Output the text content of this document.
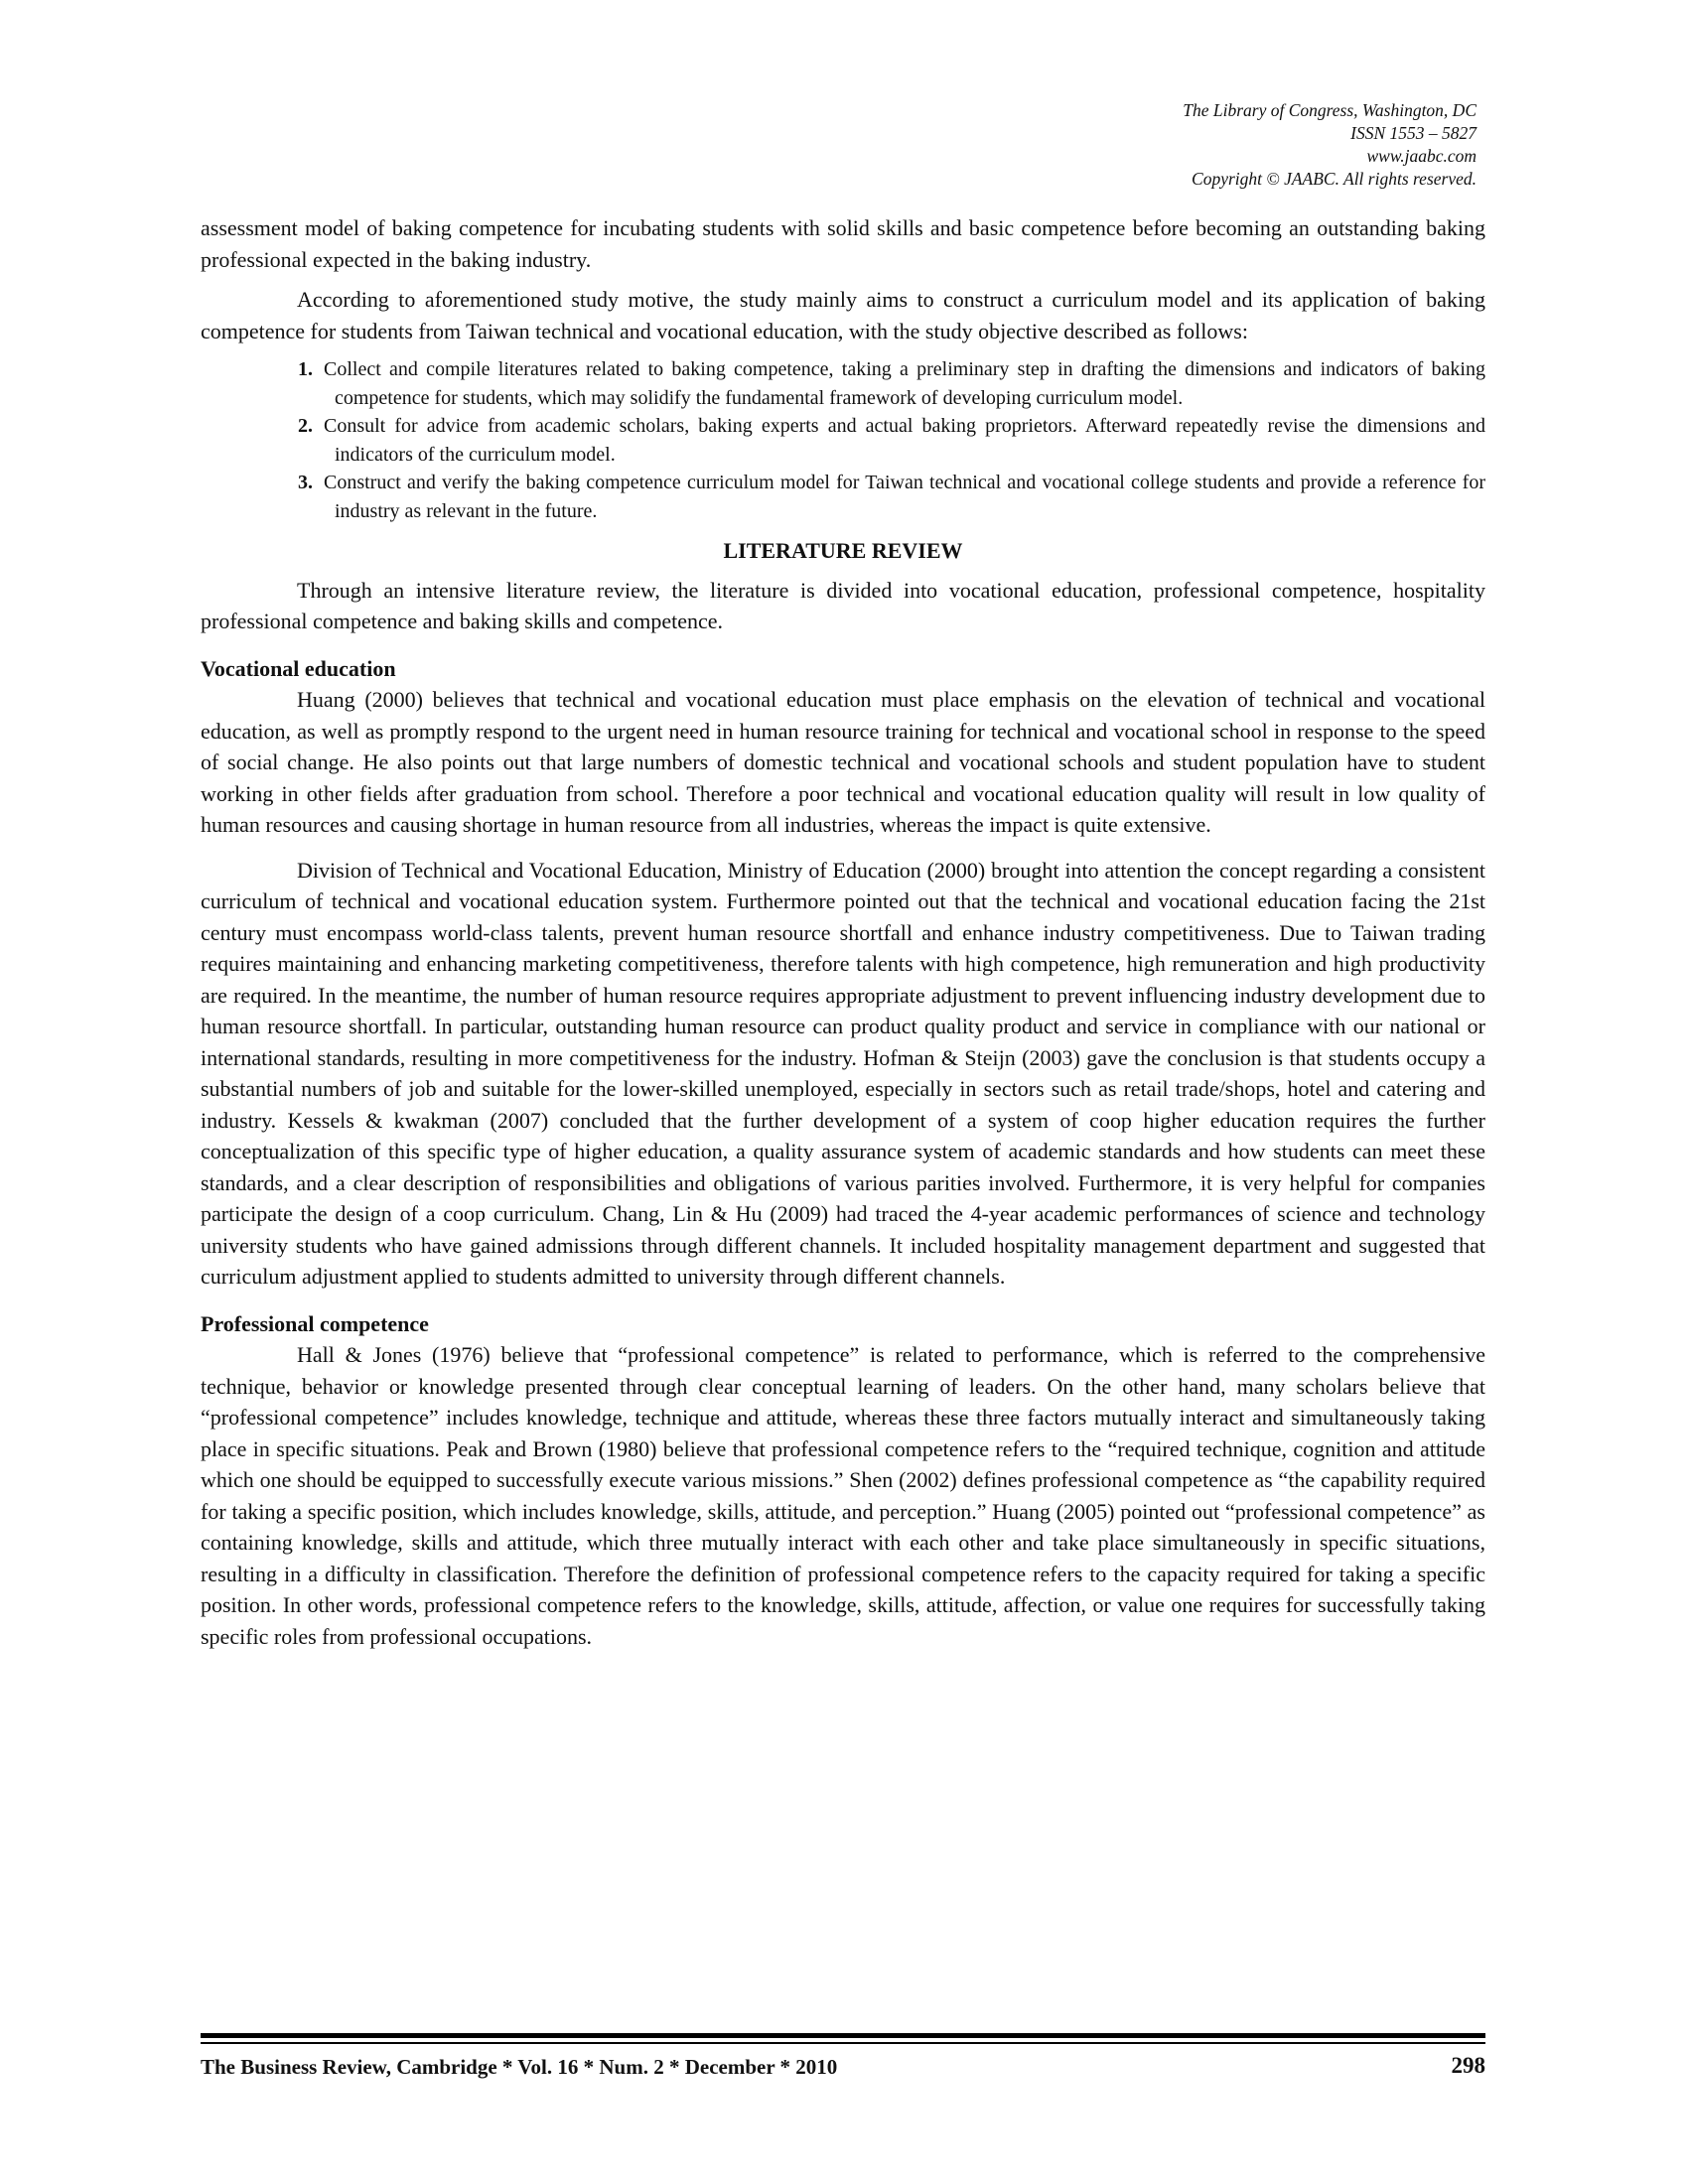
The Library of Congress, Washington, DC
ISSN 1553 – 5827
www.jaabc.com
Copyright © JAABC. All rights reserved.

assessment model of baking competence for incubating students with solid skills and basic competence before becoming an outstanding baking professional expected in the baking industry.

According to aforementioned study motive, the study mainly aims to construct a curriculum model and its application of baking competence for students from Taiwan technical and vocational education, with the study objective described as follows:

1. Collect and compile literatures related to baking competence, taking a preliminary step in drafting the dimensions and indicators of baking competence for students, which may solidify the fundamental framework of developing curriculum model.
2. Consult for advice from academic scholars, baking experts and actual baking proprietors. Afterward repeatedly revise the dimensions and indicators of the curriculum model.
3. Construct and verify the baking competence curriculum model for Taiwan technical and vocational college students and provide a reference for industry as relevant in the future.
LITERATURE REVIEW

Through an intensive literature review, the literature is divided into vocational education, professional competence, hospitality professional competence and baking skills and competence.

Vocational education

Huang (2000) believes that technical and vocational education must place emphasis on the elevation of technical and vocational education, as well as promptly respond to the urgent need in human resource training for technical and vocational school in response to the speed of social change. He also points out that large numbers of domestic technical and vocational schools and student population have to student working in other fields after graduation from school. Therefore a poor technical and vocational education quality will result in low quality of human resources and causing shortage in human resource from all industries, whereas the impact is quite extensive.

Division of Technical and Vocational Education, Ministry of Education (2000) brought into attention the concept regarding a consistent curriculum of technical and vocational education system. Furthermore pointed out that the technical and vocational education facing the 21st century must encompass world-class talents, prevent human resource shortfall and enhance industry competitiveness. Due to Taiwan trading requires maintaining and enhancing marketing competitiveness, therefore talents with high competence, high remuneration and high productivity are required. In the meantime, the number of human resource requires appropriate adjustment to prevent influencing industry development due to human resource shortfall. In particular, outstanding human resource can product quality product and service in compliance with our national or international standards, resulting in more competitiveness for the industry. Hofman & Steijn (2003) gave the conclusion is that students occupy a substantial numbers of job and suitable for the lower-skilled unemployed, especially in sectors such as retail trade/shops, hotel and catering and industry. Kessels & kwakman (2007) concluded that the further development of a system of coop higher education requires the further conceptualization of this specific type of higher education, a quality assurance system of academic standards and how students can meet these standards, and a clear description of responsibilities and obligations of various parities involved. Furthermore, it is very helpful for companies participate the design of a coop curriculum. Chang, Lin & Hu (2009) had traced the 4-year academic performances of science and technology university students who have gained admissions through different channels. It included hospitality management department and suggested that curriculum adjustment applied to students admitted to university through different channels.

Professional competence

Hall & Jones (1976) believe that “professional competence” is related to performance, which is referred to the comprehensive technique, behavior or knowledge presented through clear conceptual learning of leaders. On the other hand, many scholars believe that “professional competence” includes knowledge, technique and attitude, whereas these three factors mutually interact and simultaneously taking place in specific situations. Peak and Brown (1980) believe that professional competence refers to the “required technique, cognition and attitude which one should be equipped to successfully execute various missions.” Shen (2002) defines professional competence as “the capability required for taking a specific position, which includes knowledge, skills, attitude, and perception.” Huang (2005) pointed out “professional competence” as containing knowledge, skills and attitude, which three mutually interact with each other and take place simultaneously in specific situations, resulting in a difficulty in classification. Therefore the definition of professional competence refers to the capacity required for taking a specific position. In other words, professional competence refers to the knowledge, skills, attitude, affection, or value one requires for successfully taking specific roles from professional occupations.

The Business Review, Cambridge * Vol. 16 * Num. 2 * December * 2010	298
